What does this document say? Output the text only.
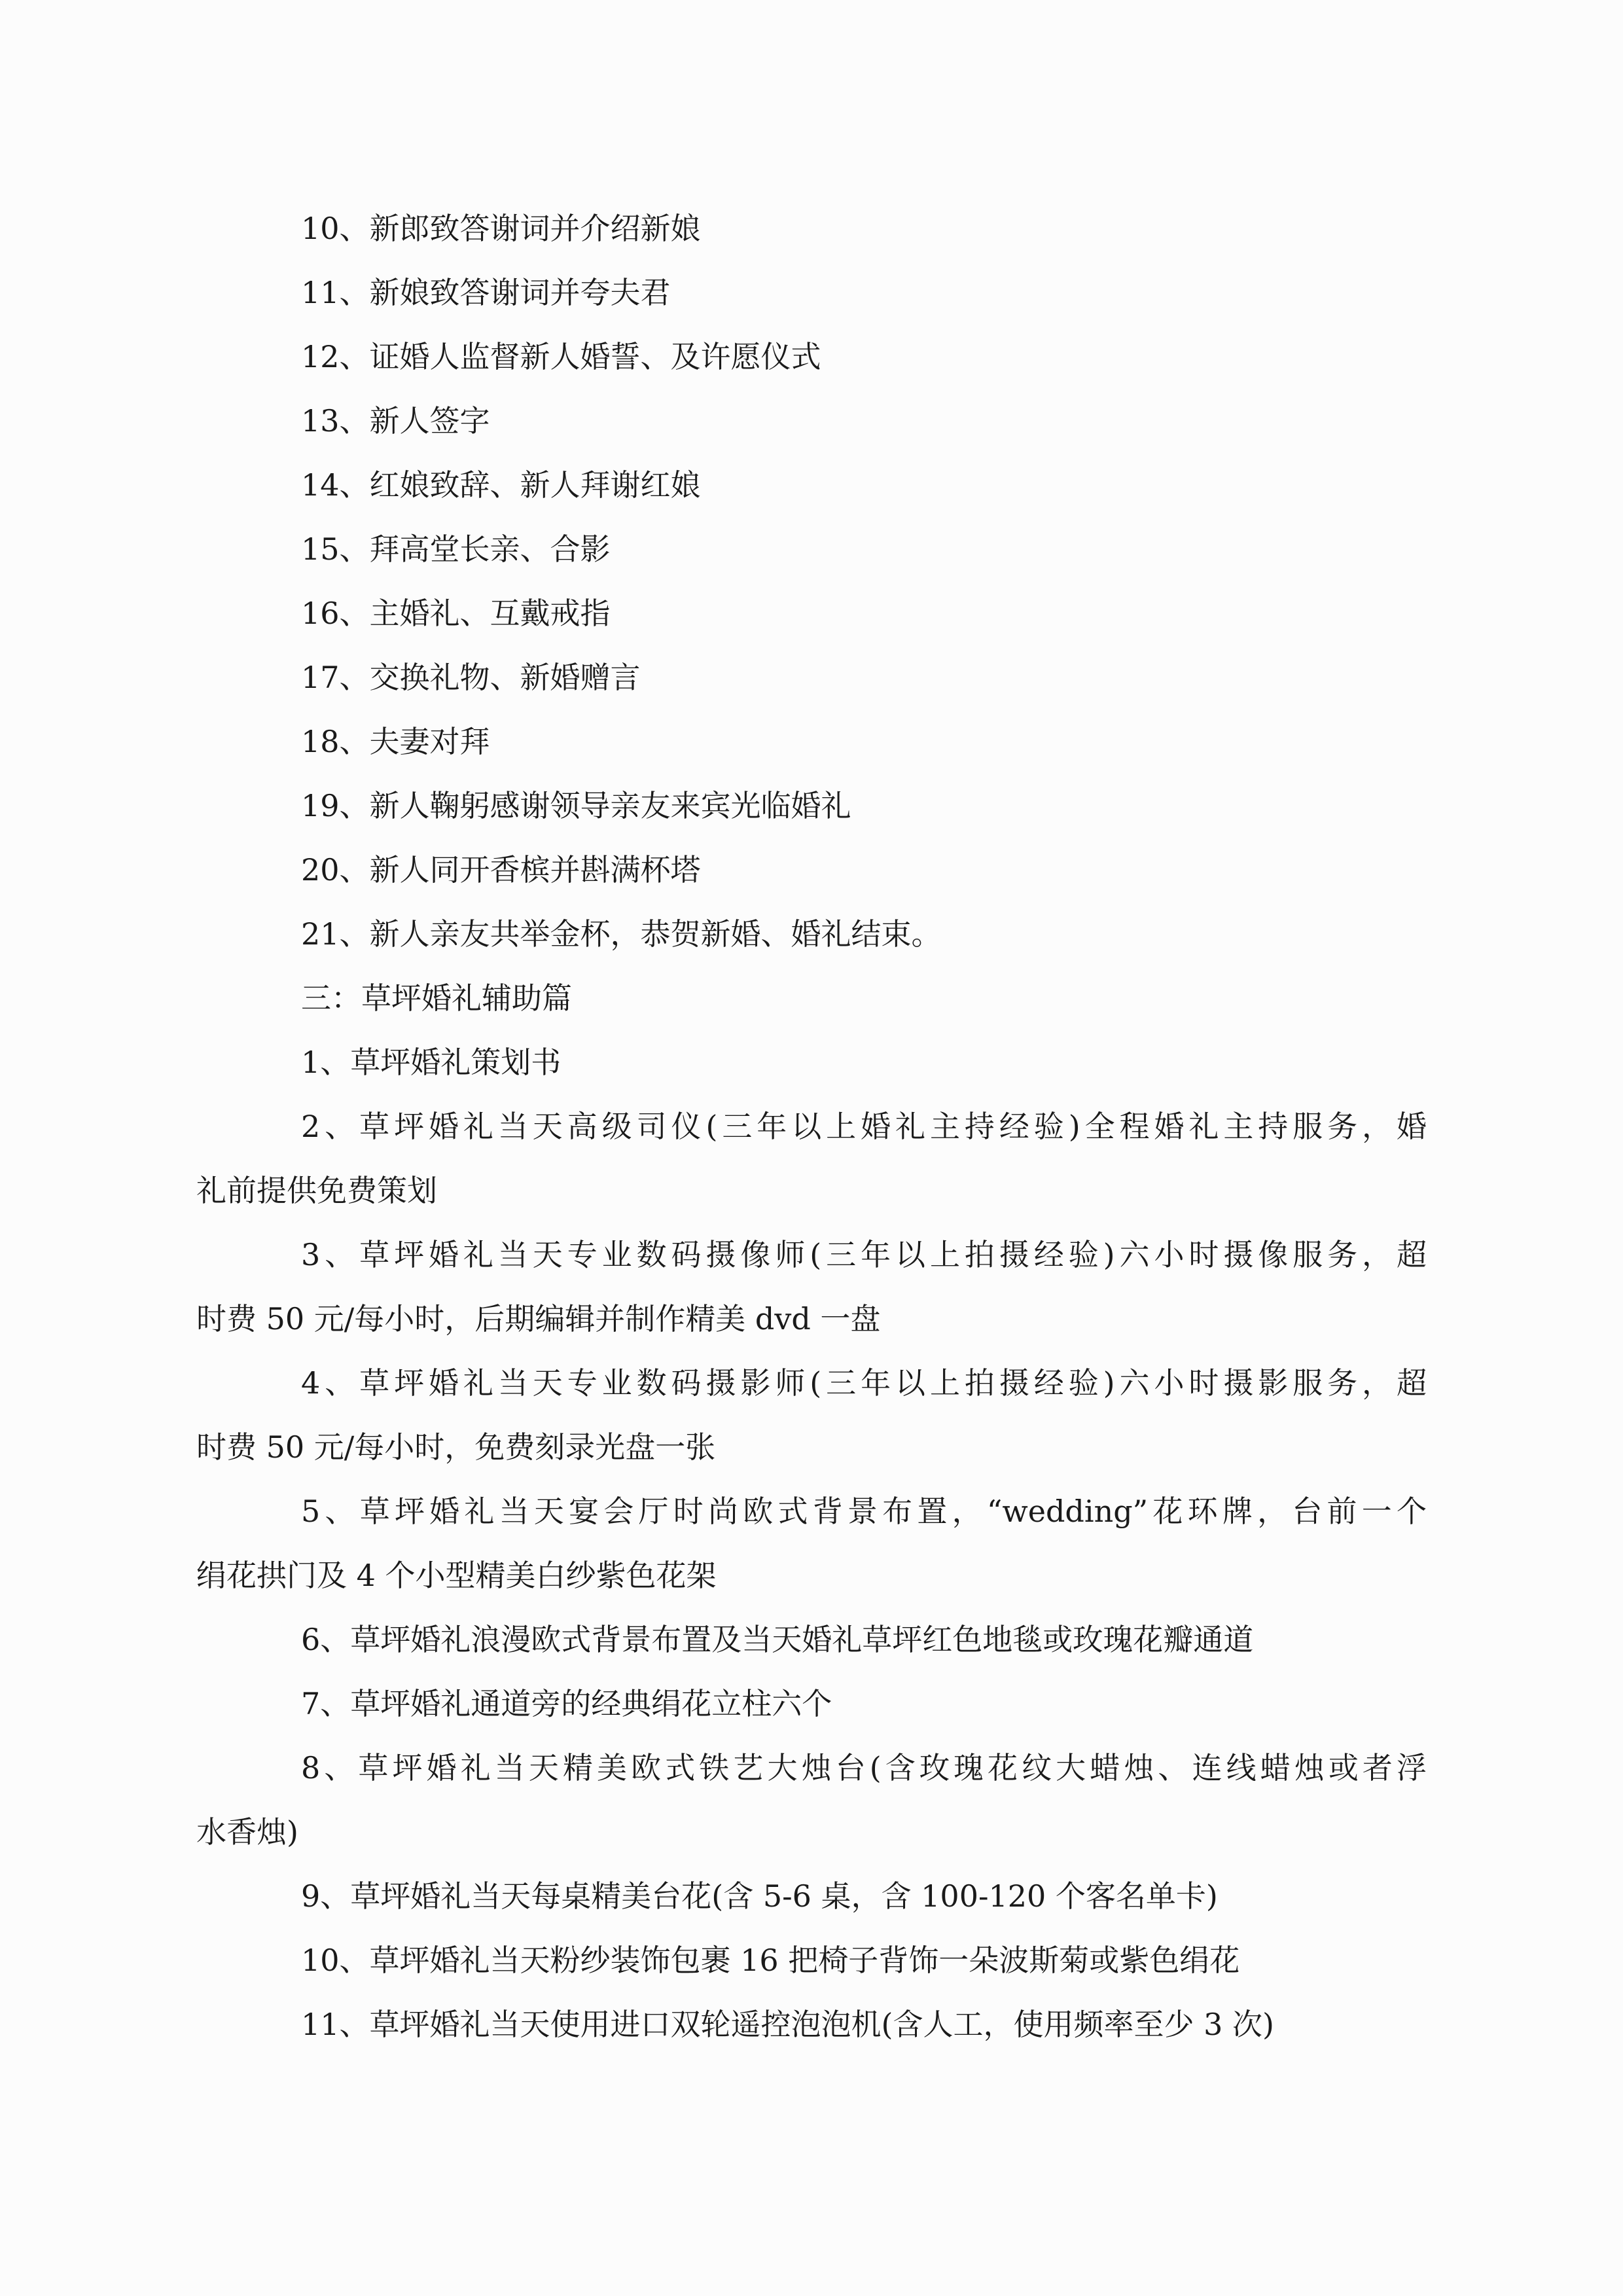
10、新郎致答谢词并介绍新娘
11、新娘致答谢词并夸夫君
12、证婚人监督新人婚誓、及许愿仪式
13、新人签字
14、红娘致辞、新人拜谢红娘
15、拜高堂长亲、合影
16、主婚礼、互戴戒指
17、交换礼物、新婚赠言
18、夫妻对拜
19、新人鞠躬感谢领导亲友来宾光临婚礼
20、新人同开香槟并斟满杯塔
21、新人亲友共举金杯，恭贺新婚、婚礼结束。
三：草坪婚礼辅助篇
1、草坪婚礼策划书
2、草坪婚礼当天高级司仪(三年以上婚礼主持经验)全程婚礼主持服务，婚
礼前提供免费策划
3、草坪婚礼当天专业数码摄像师(三年以上拍摄经验)六小时摄像服务，超
时费 50 元/每小时，后期编辑并制作精美 dvd 一盘
4、草坪婚礼当天专业数码摄影师(三年以上拍摄经验)六小时摄影服务，超
时费 50 元/每小时，免费刻录光盘一张
5、草坪婚礼当天宴会厅时尚欧式背景布置，“wedding”花环牌，台前一个
绢花拱门及 4 个小型精美白纱紫色花架
6、草坪婚礼浪漫欧式背景布置及当天婚礼草坪红色地毯或玫瑰花瓣通道
7、草坪婚礼通道旁的经典绢花立柱六个
8、草坪婚礼当天精美欧式铁艺大烛台(含玫瑰花纹大蜡烛、连线蜡烛或者浮
水香烛)
9、草坪婚礼当天每桌精美台花(含 5-6 桌，含 100-120 个客名单卡)
10、草坪婚礼当天粉纱装饰包裹 16 把椅子背饰一朵波斯菊或紫色绢花
11、草坪婚礼当天使用进口双轮遥控泡泡机(含人工，使用频率至少 3 次)
